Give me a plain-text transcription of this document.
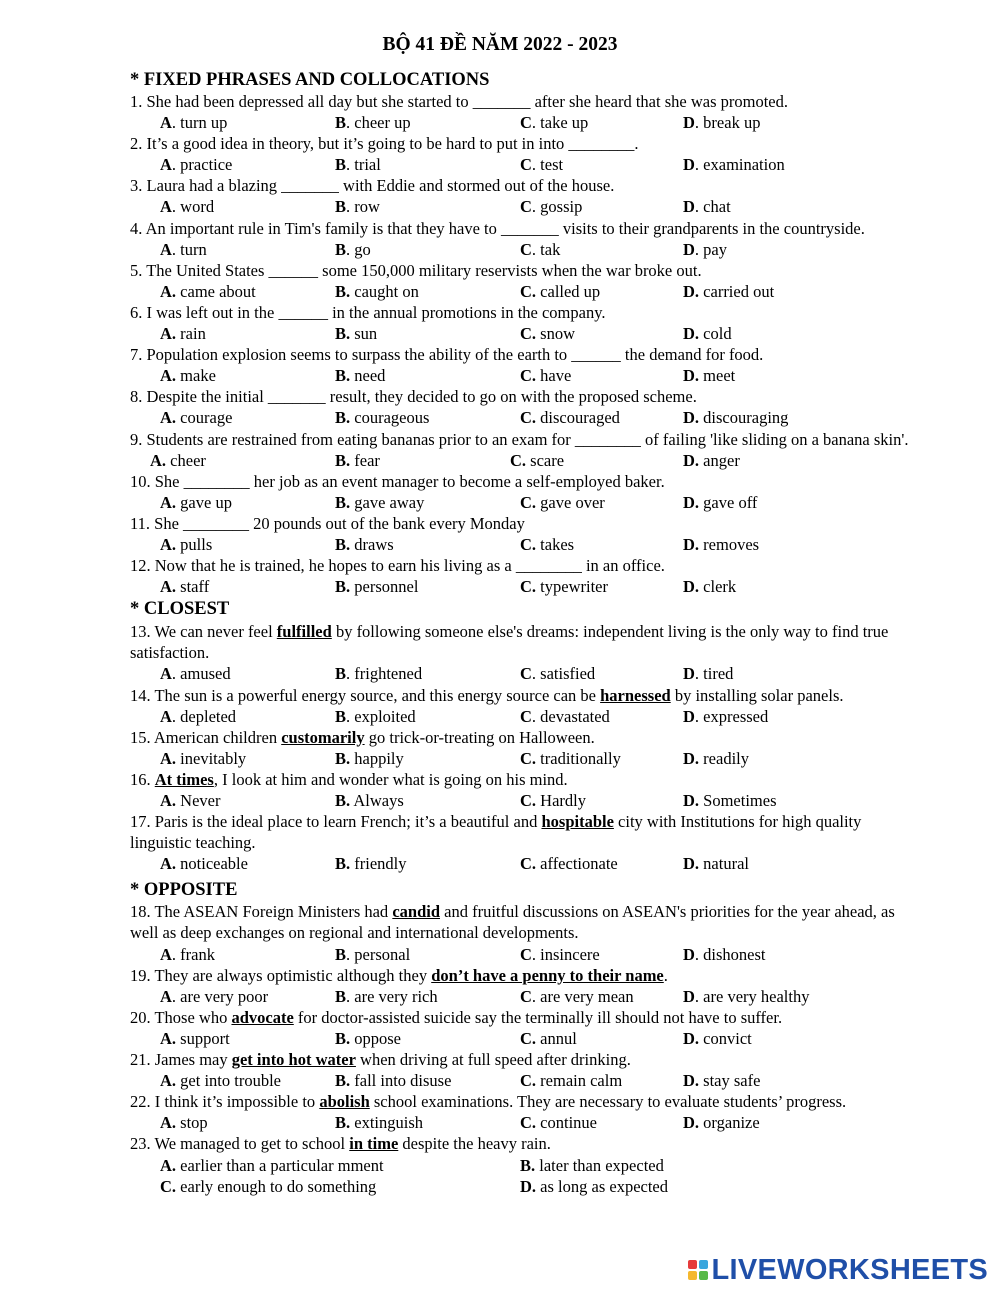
BỘ 41 ĐỀ NĂM 2022 - 2023
* FIXED PHRASES AND COLLOCATIONS
1. She had been depressed all day but she started to _______ after she heard that she was promoted.
A. turn up	B. cheer up	C. take up	D. break up
2. It’s a good idea in theory, but it’s going to be hard to put in into ________.
A. practice	B. trial	C. test	D. examination
3. Laura had a blazing _______ with Eddie and stormed out of the house.
A. word	B. row	C. gossip	D. chat
4. An important rule in Tim's family is that they have to _______ visits to their grandparents in the countryside.
A. turn	B. go	C. tak	D. pay
5. The United States ______ some 150,000 military reservists when the war broke out.
A. came about	B. caught on	C. called up	D. carried out
6. I was left out in the ______ in the annual promotions in the company.
A. rain	B. sun	C. snow	D. cold
7. Population explosion seems to surpass the ability of the earth to ______ the demand for food.
A. make	B. need	C. have	D. meet
8. Despite the initial _______ result, they decided to go on with the proposed scheme.
A. courage	B. courageous	C. discouraged	D. discouraging
9. Students are restrained from eating bananas prior to an exam for ________ of failing 'like sliding on a banana skin'.
A. cheer	B. fear	C. scare	D. anger
10. She ________ her job as an event manager to become a self-employed baker.
A. gave up	B. gave away	C. gave over	D. gave off
11. She ________ 20 pounds out of the bank every Monday
A. pulls	B. draws	C. takes	D. removes
12. Now that he is trained, he hopes to earn his living as a ________ in an office.
A. staff	B. personnel	C. typewriter	D. clerk
* CLOSEST
13. We can never feel fulfilled by following someone else's dreams: independent living is the only way to find true satisfaction.
A. amused	B. frightened	C. satisfied	D. tired
14. The sun is a powerful energy source, and this energy source can be harnessed by installing solar panels.
A. depleted	B. exploited	C. devastated	D. expressed
15. American children customarily go trick-or-treating on Halloween.
A. inevitably	B. happily	C. traditionally	D. readily
16. At times, I look at him and wonder what is going on his mind.
A. Never	B. Always	C. Hardly	D. Sometimes
17. Paris is the ideal place to learn French; it’s a beautiful and hospitable city with Institutions for high quality linguistic teaching.
A. noticeable	B. friendly	C. affectionate	D. natural
* OPPOSITE
18. The ASEAN Foreign Ministers had candid and fruitful discussions on ASEAN's priorities for the year ahead, as well as deep exchanges on regional and international developments.
A. frank	B. personal	C. insincere	D. dishonest
19. They are always optimistic although they don’t have a penny to their name.
A. are very poor	B. are very rich	C. are very mean	D. are very healthy
20. Those who advocate for doctor-assisted suicide say the terminally ill should not have to suffer.
A. support	B. oppose	C. annul	D. convict
21. James may get into hot water when driving at full speed after drinking.
A. get into trouble	B. fall into disuse	C. remain calm	D. stay safe
22. I think it’s impossible to abolish school examinations. They are necessary to evaluate students’ progress.
A. stop	B. extinguish	C. continue	D. organize
23. We managed to get to school in time despite the heavy rain.
A. earlier than a particular mment	B. later than expected
C. early enough to do something	D. as long as expected
LIVEWORKSHEETS
